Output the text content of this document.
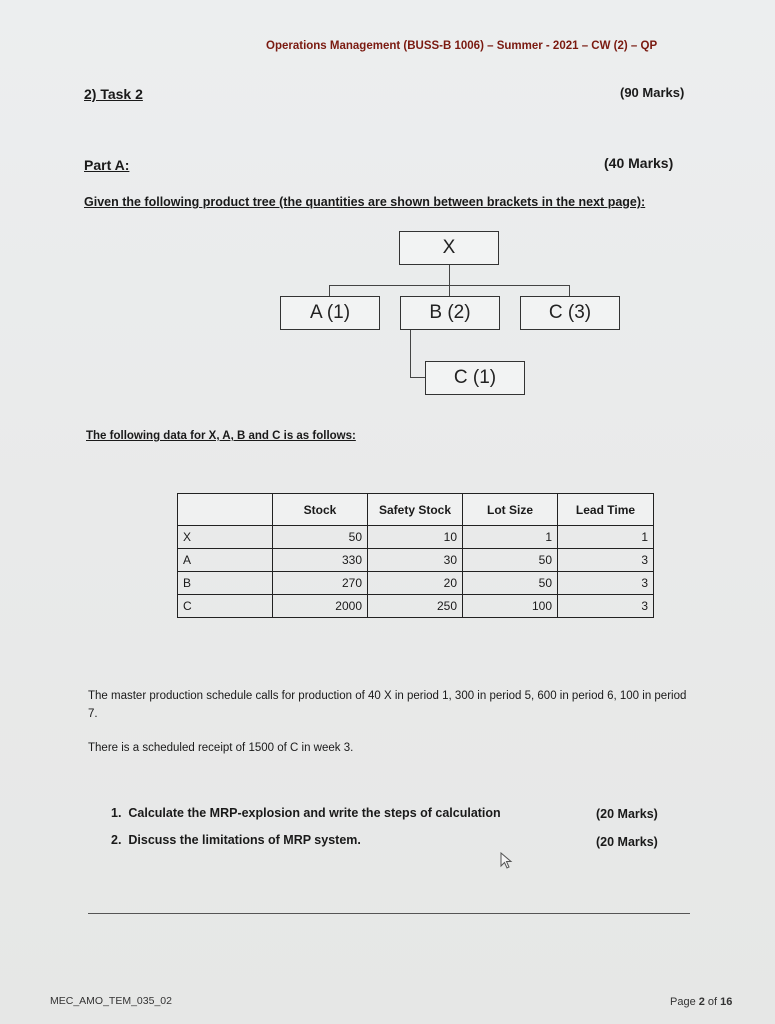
Operations Management (BUSS-B 1006) – Summer - 2021 – CW (2) – QP
2) Task 2	(90 Marks)
Part A:	(40 Marks)
Given the following product tree (the quantities are shown between brackets in the next page):
X
A (1)	B (2)	C (3)
C (1)
The following data for X, A, B and C is as follows:
	Stock	Safety Stock	Lot Size	Lead Time
X	50	10	1	1
A	330	30	50	3
B	270	20	50	3
C	2000	250	100	3
The master production schedule calls for production of 40 X in period 1, 300 in period 5, 600 in period 6, 100 in period 7.
There is a scheduled receipt of 1500 of C in week 3.
1. Calculate the MRP-explosion and write the steps of calculation	(20 Marks)
2. Discuss the limitations of MRP system.	(20 Marks)
MEC_AMO_TEM_035_02	Page 2 of 16
